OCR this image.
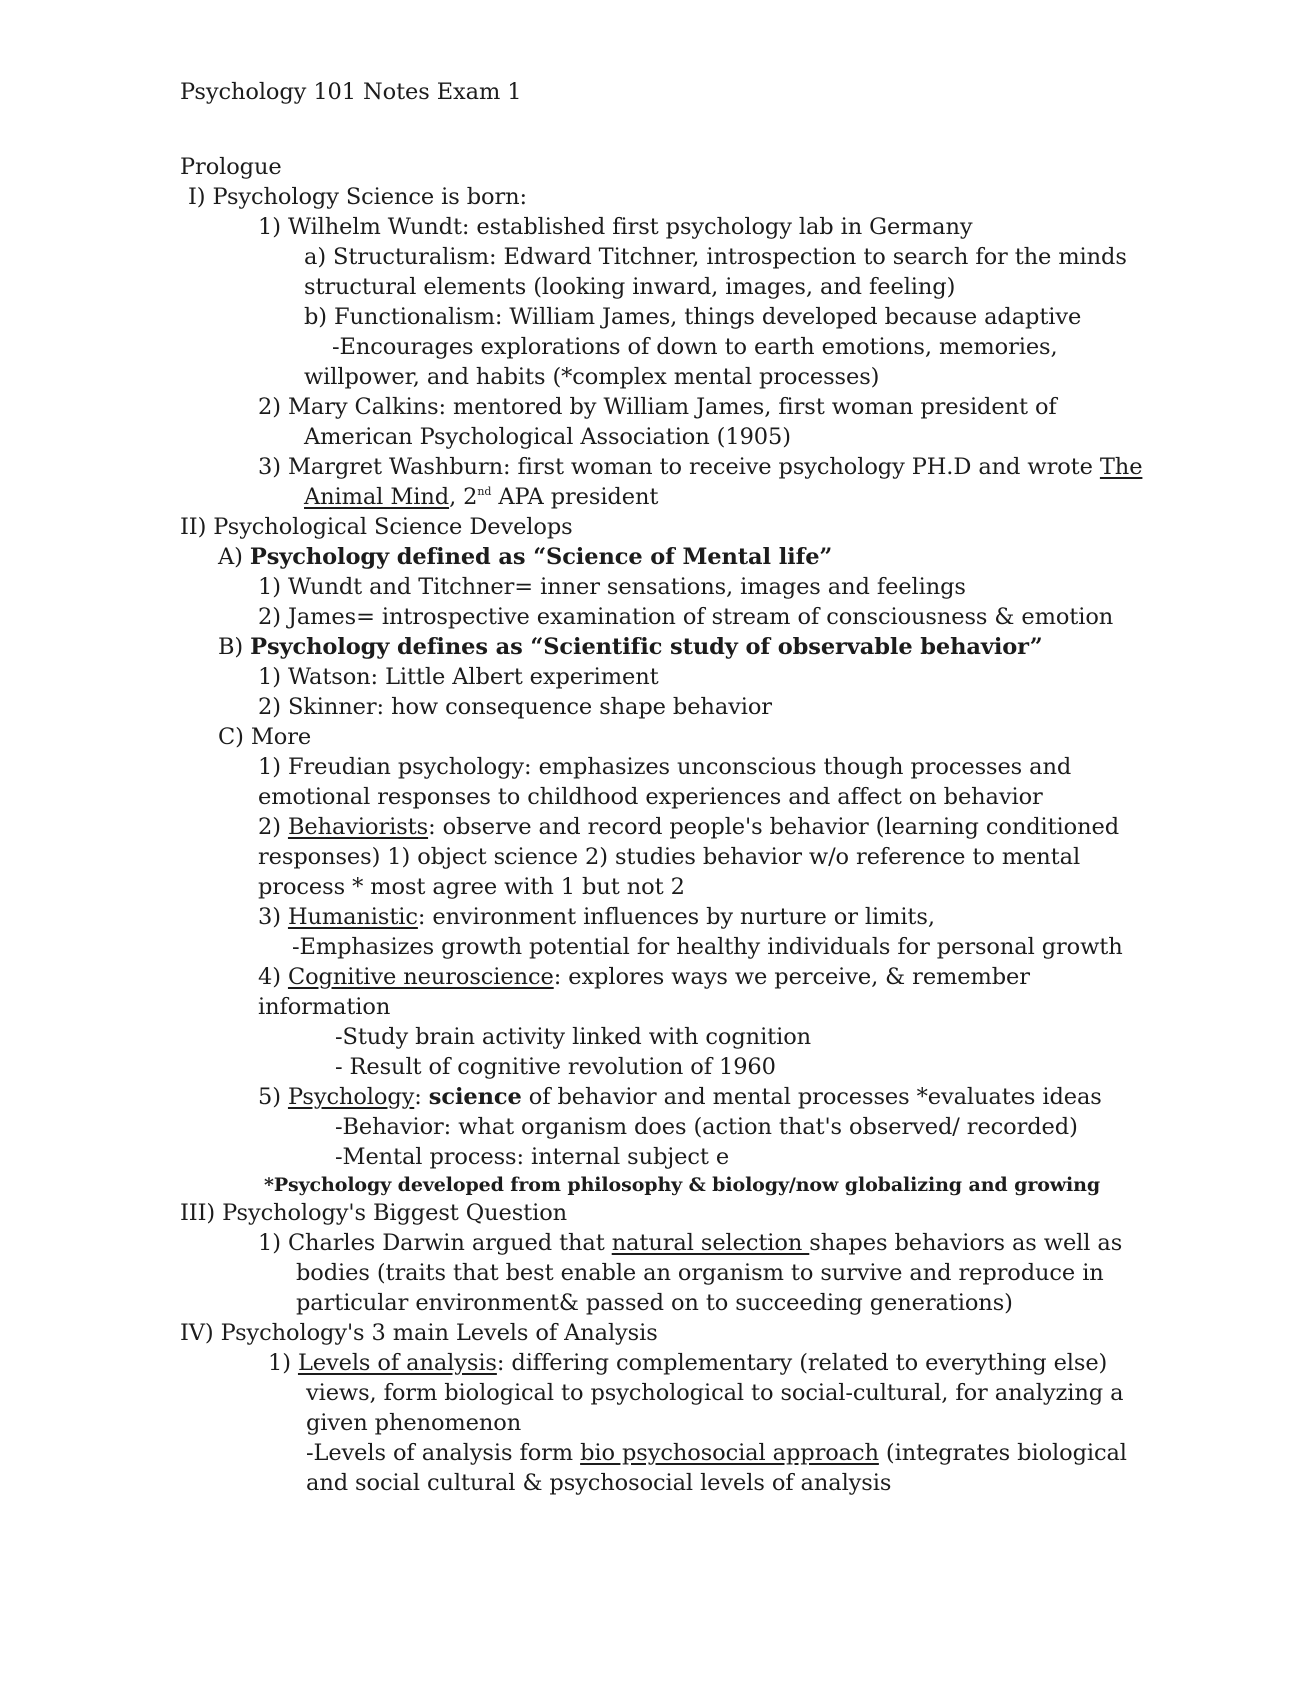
Psychology 101 Notes Exam 1
Prologue
I) Psychology Science is born:
1) Wilhelm Wundt: established first psychology lab in Germany
a) Structuralism: Edward Titchner, introspection to search for the minds
structural elements (looking inward, images, and feeling)
b) Functionalism: William James, things developed because adaptive
-Encourages explorations of down to earth emotions, memories,
willpower, and habits (*complex mental processes)
2) Mary Calkins: mentored by William James, first woman president of
American Psychological Association (1905)
3) Margret Washburn: first woman to receive psychology PH.D and wrote The
Animal Mind, 2nd APA president
II) Psychological Science Develops
A) Psychology defined as “Science of Mental life”
1) Wundt and Titchner= inner sensations, images and feelings
2) James= introspective examination of stream of consciousness & emotion
B) Psychology defines as “Scientific study of observable behavior”
1) Watson: Little Albert experiment
2) Skinner: how consequence shape behavior
C) More
1) Freudian psychology: emphasizes unconscious though processes and
emotional responses to childhood experiences and affect on behavior
2) Behaviorists: observe and record people's behavior (learning conditioned
responses) 1) object science 2) studies behavior w/o reference to mental
process * most agree with 1 but not 2
3) Humanistic: environment influences by nurture or limits,
-Emphasizes growth potential for healthy individuals for personal growth
4) Cognitive neuroscience: explores ways we perceive, & remember
information
-Study brain activity linked with cognition
- Result of cognitive revolution of 1960
5) Psychology: science of behavior and mental processes *evaluates ideas
-Behavior: what organism does (action that's observed/ recorded)
-Mental process: internal subject e
*Psychology developed from philosophy & biology/now globalizing and growing
III) Psychology's Biggest Question
1) Charles Darwin argued that natural selection shapes behaviors as well as
bodies (traits that best enable an organism to survive and reproduce in
particular environment& passed on to succeeding generations)
IV) Psychology's 3 main Levels of Analysis
1) Levels of analysis: differing complementary (related to everything else)
views, form biological to psychological to social-cultural, for analyzing a
given phenomenon
-Levels of analysis form bio psychosocial approach (integrates biological
and social cultural & psychosocial levels of analysis
